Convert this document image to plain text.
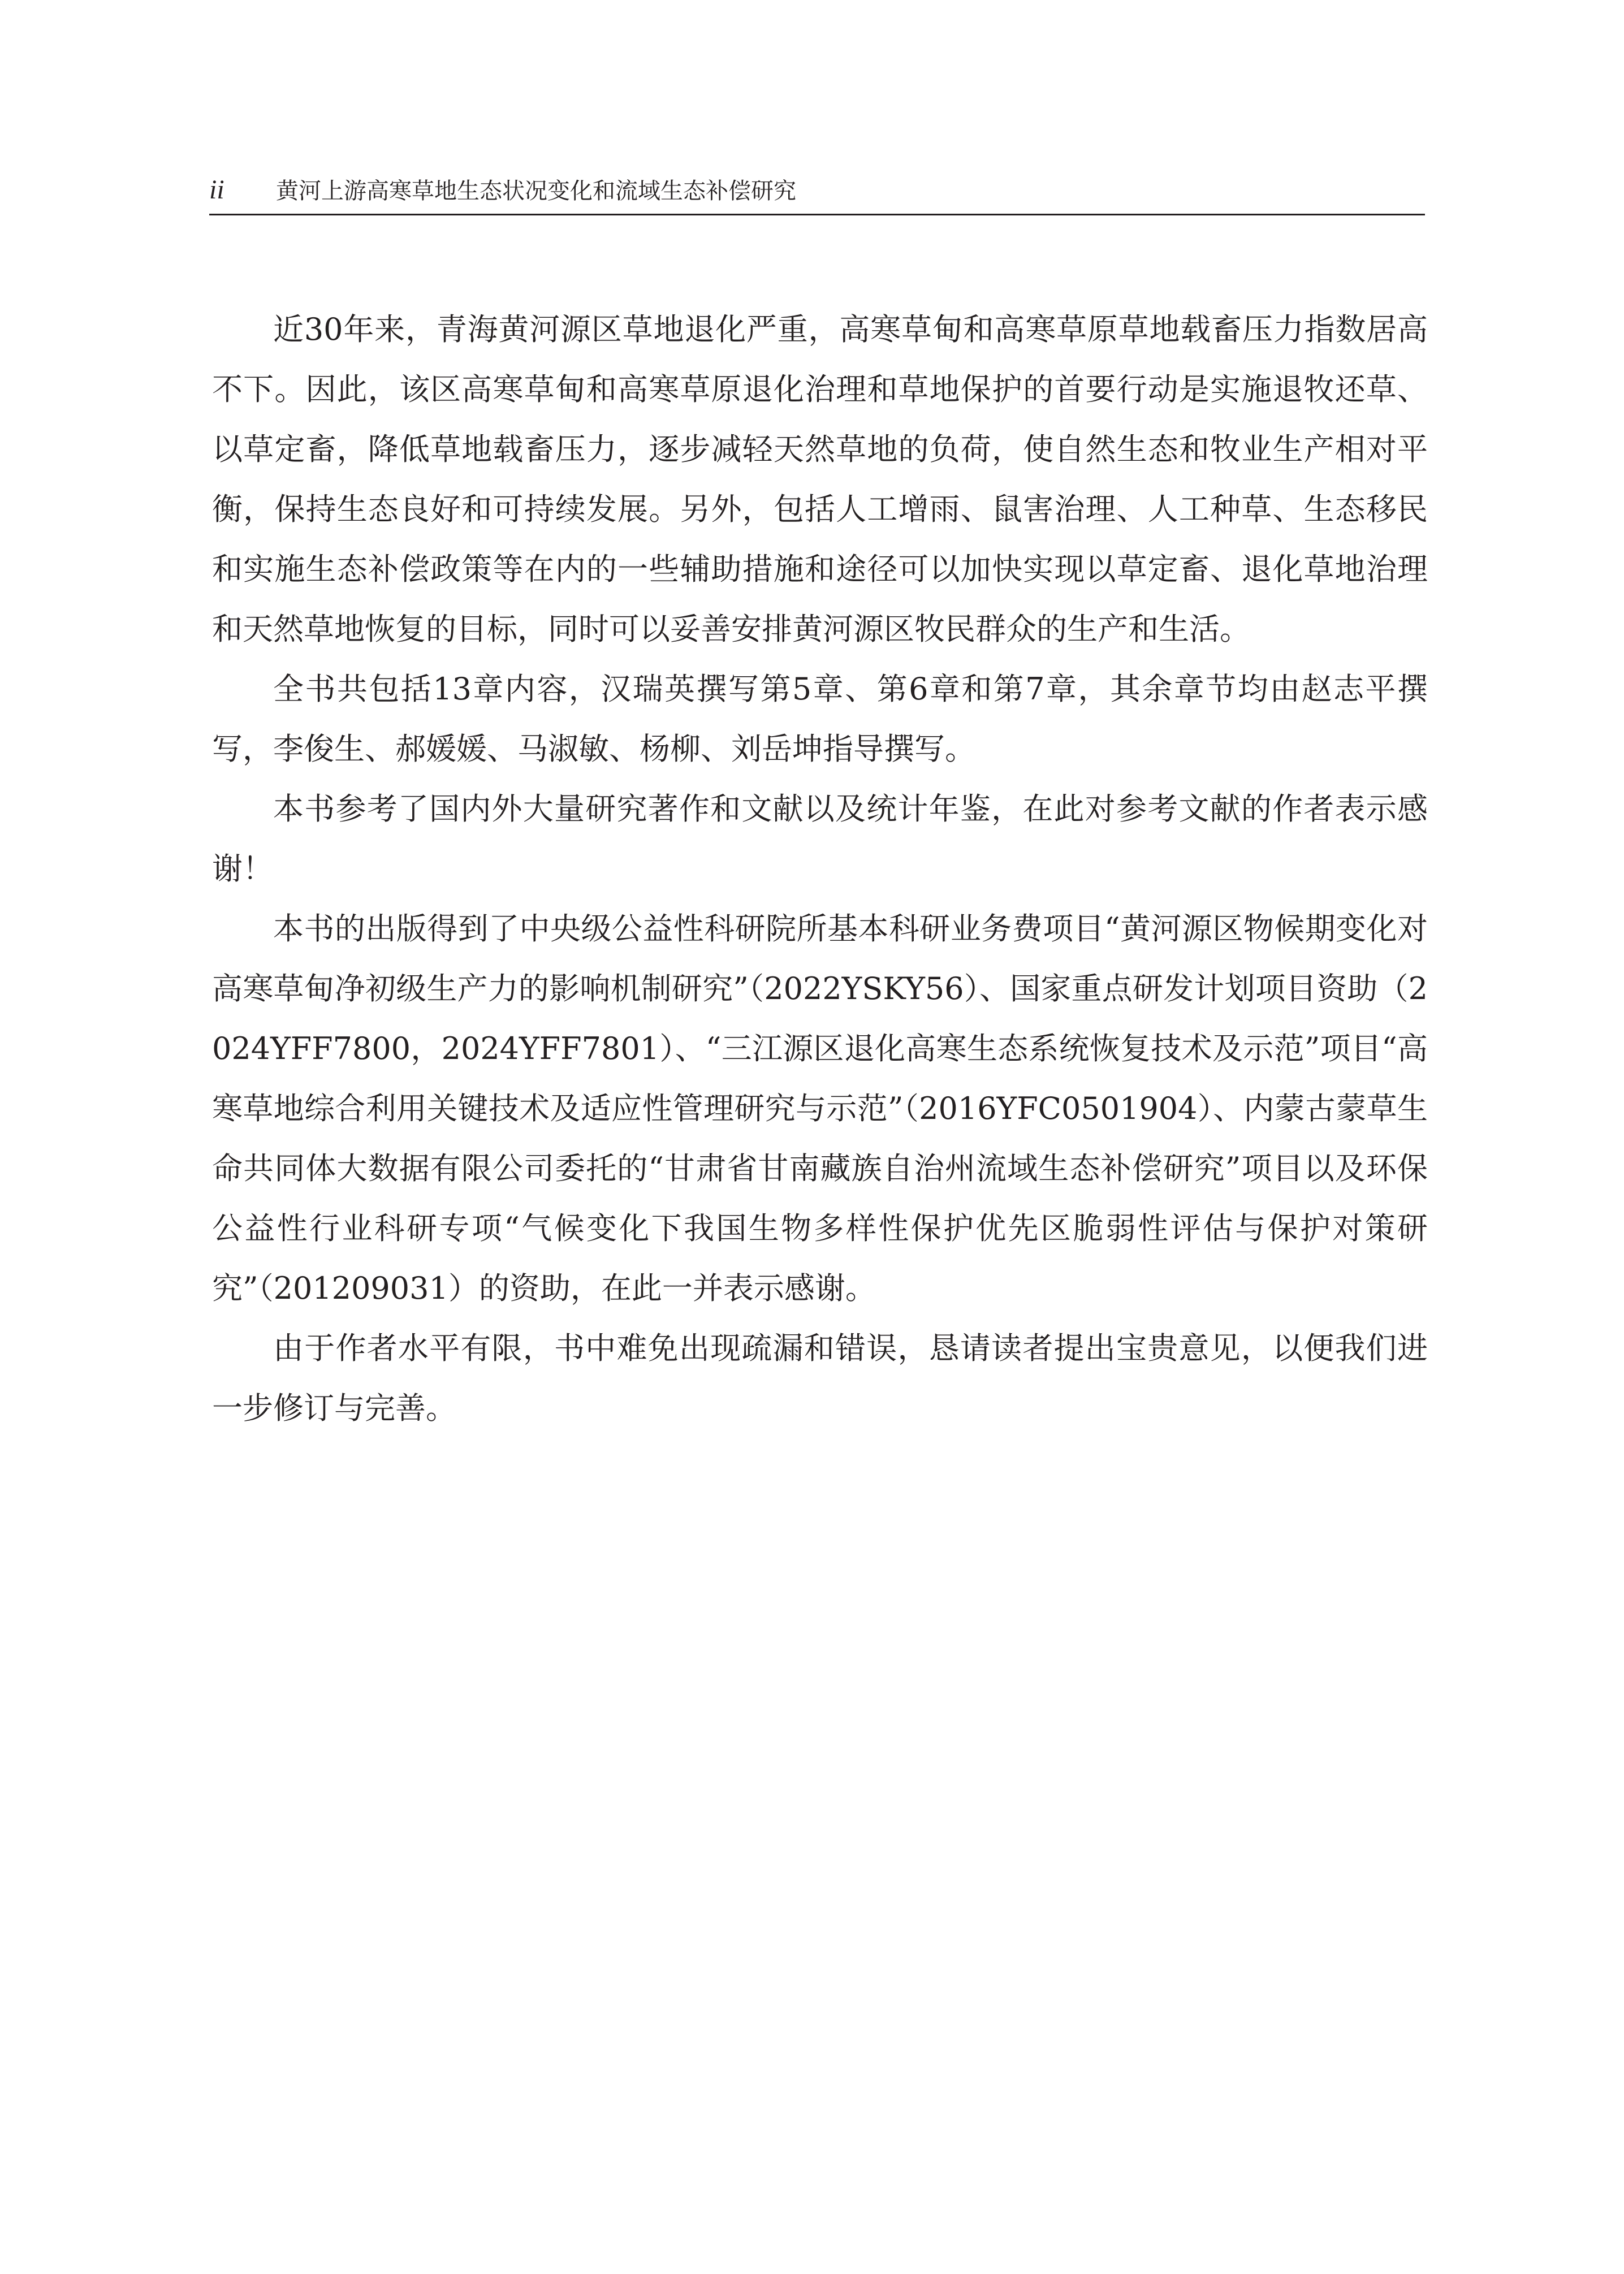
ii 黄河上游高寒草地生态状况变化和流域生态补偿研究

近30年来，青海黄河源区草地退化严重，高寒草甸和高寒草原草地载畜压力指数居高不下。因此，该区高寒草甸和高寒草原退化治理和草地保护的首要行动是实施退牧还草、以草定畜，降低草地载畜压力，逐步减轻天然草地的负荷，使自然生态和牧业生产相对平衡，保持生态良好和可持续发展。另外，包括人工增雨、鼠害治理、人工种草、生态移民和实施生态补偿政策等在内的一些辅助措施和途径可以加快实现以草定畜、退化草地治理和天然草地恢复的目标，同时可以妥善安排黄河源区牧民群众的生产和生活。

全书共包括13章内容，汉瑞英撰写第5章、第6章和第7章，其余章节均由赵志平撰写，李俊生、郝媛媛、马淑敏、杨柳、刘岳坤指导撰写。

本书参考了国内外大量研究著作和文献以及统计年鉴，在此对参考文献的作者表示感谢！

本书的出版得到了中央级公益性科研院所基本科研业务费项目“黄河源区物候期变化对高寒草甸净初级生产力的影响机制研究”（2022YSKY56）、国家重点研发计划项目资助（2024YFF7800，2024YFF7801）、“三江源区退化高寒生态系统恢复技术及示范”项目“高寒草地综合利用关键技术及适应性管理研究与示范”（2016YFC0501904）、内蒙古蒙草生命共同体大数据有限公司委托的“甘肃省甘南藏族自治州流域生态补偿研究”项目以及环保公益性行业科研专项“气候变化下我国生物多样性保护优先区脆弱性评估与保护对策研究”（201209031）的资助，在此一并表示感谢。

由于作者水平有限，书中难免出现疏漏和错误，恳请读者提出宝贵意见，以便我们进一步修订与完善。
